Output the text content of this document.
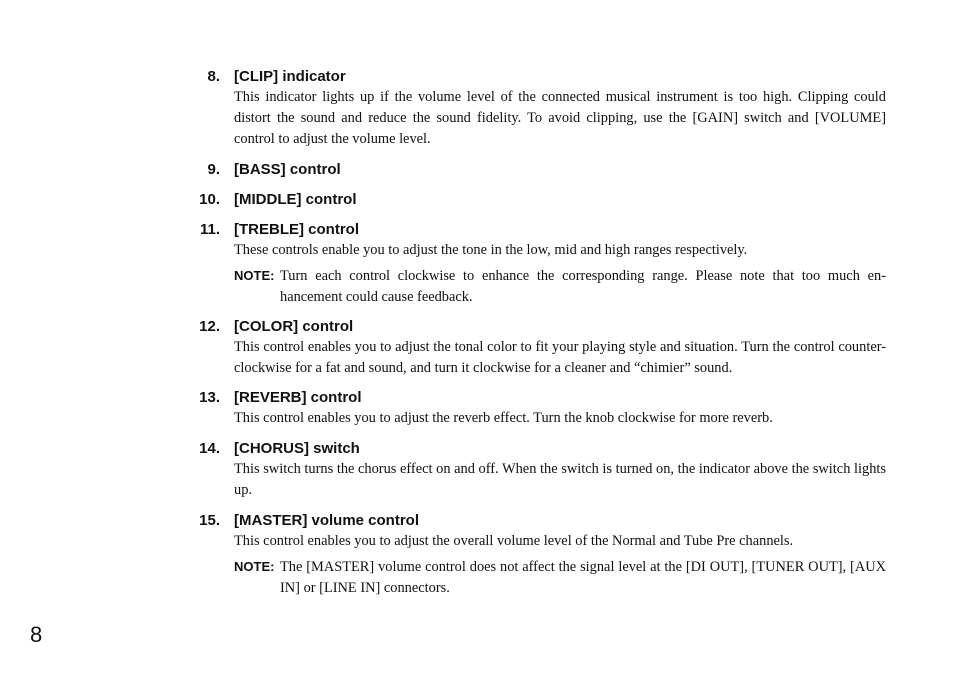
8. [CLIP] indicator
This indicator lights up if the volume level of the connected musical instrument is too high. Clipping could distort the sound and reduce the sound fidelity. To avoid clipping, use the [GAIN] switch and [VOLUME] control to adjust the volume level.
9. [BASS] control
10. [MIDDLE] control
11. [TREBLE] control
These controls enable you to adjust the tone in the low, mid and high ranges respectively.
NOTE: Turn each control clockwise to enhance the corresponding range. Please note that too much en- hancement could cause feedback.
12. [COLOR] control
This control enables you to adjust the tonal color to fit your playing style and situation. Turn the control counter-clockwise for a fat and sound, and turn it clockwise for a cleaner and “chimier” sound.
13. [REVERB] control
This control enables you to adjust the reverb effect. Turn the knob clockwise for more reverb.
14. [CHORUS] switch
This switch turns the chorus effect on and off. When the switch is turned on, the indicator above the switch lights up.
15. [MASTER] volume control
This control enables you to adjust the overall volume level of the Normal and Tube Pre channels.
NOTE: The [MASTER] volume control does not affect the signal level at the [DI OUT], [TUNER OUT], [AUX IN] or [LINE IN] connectors.
8
